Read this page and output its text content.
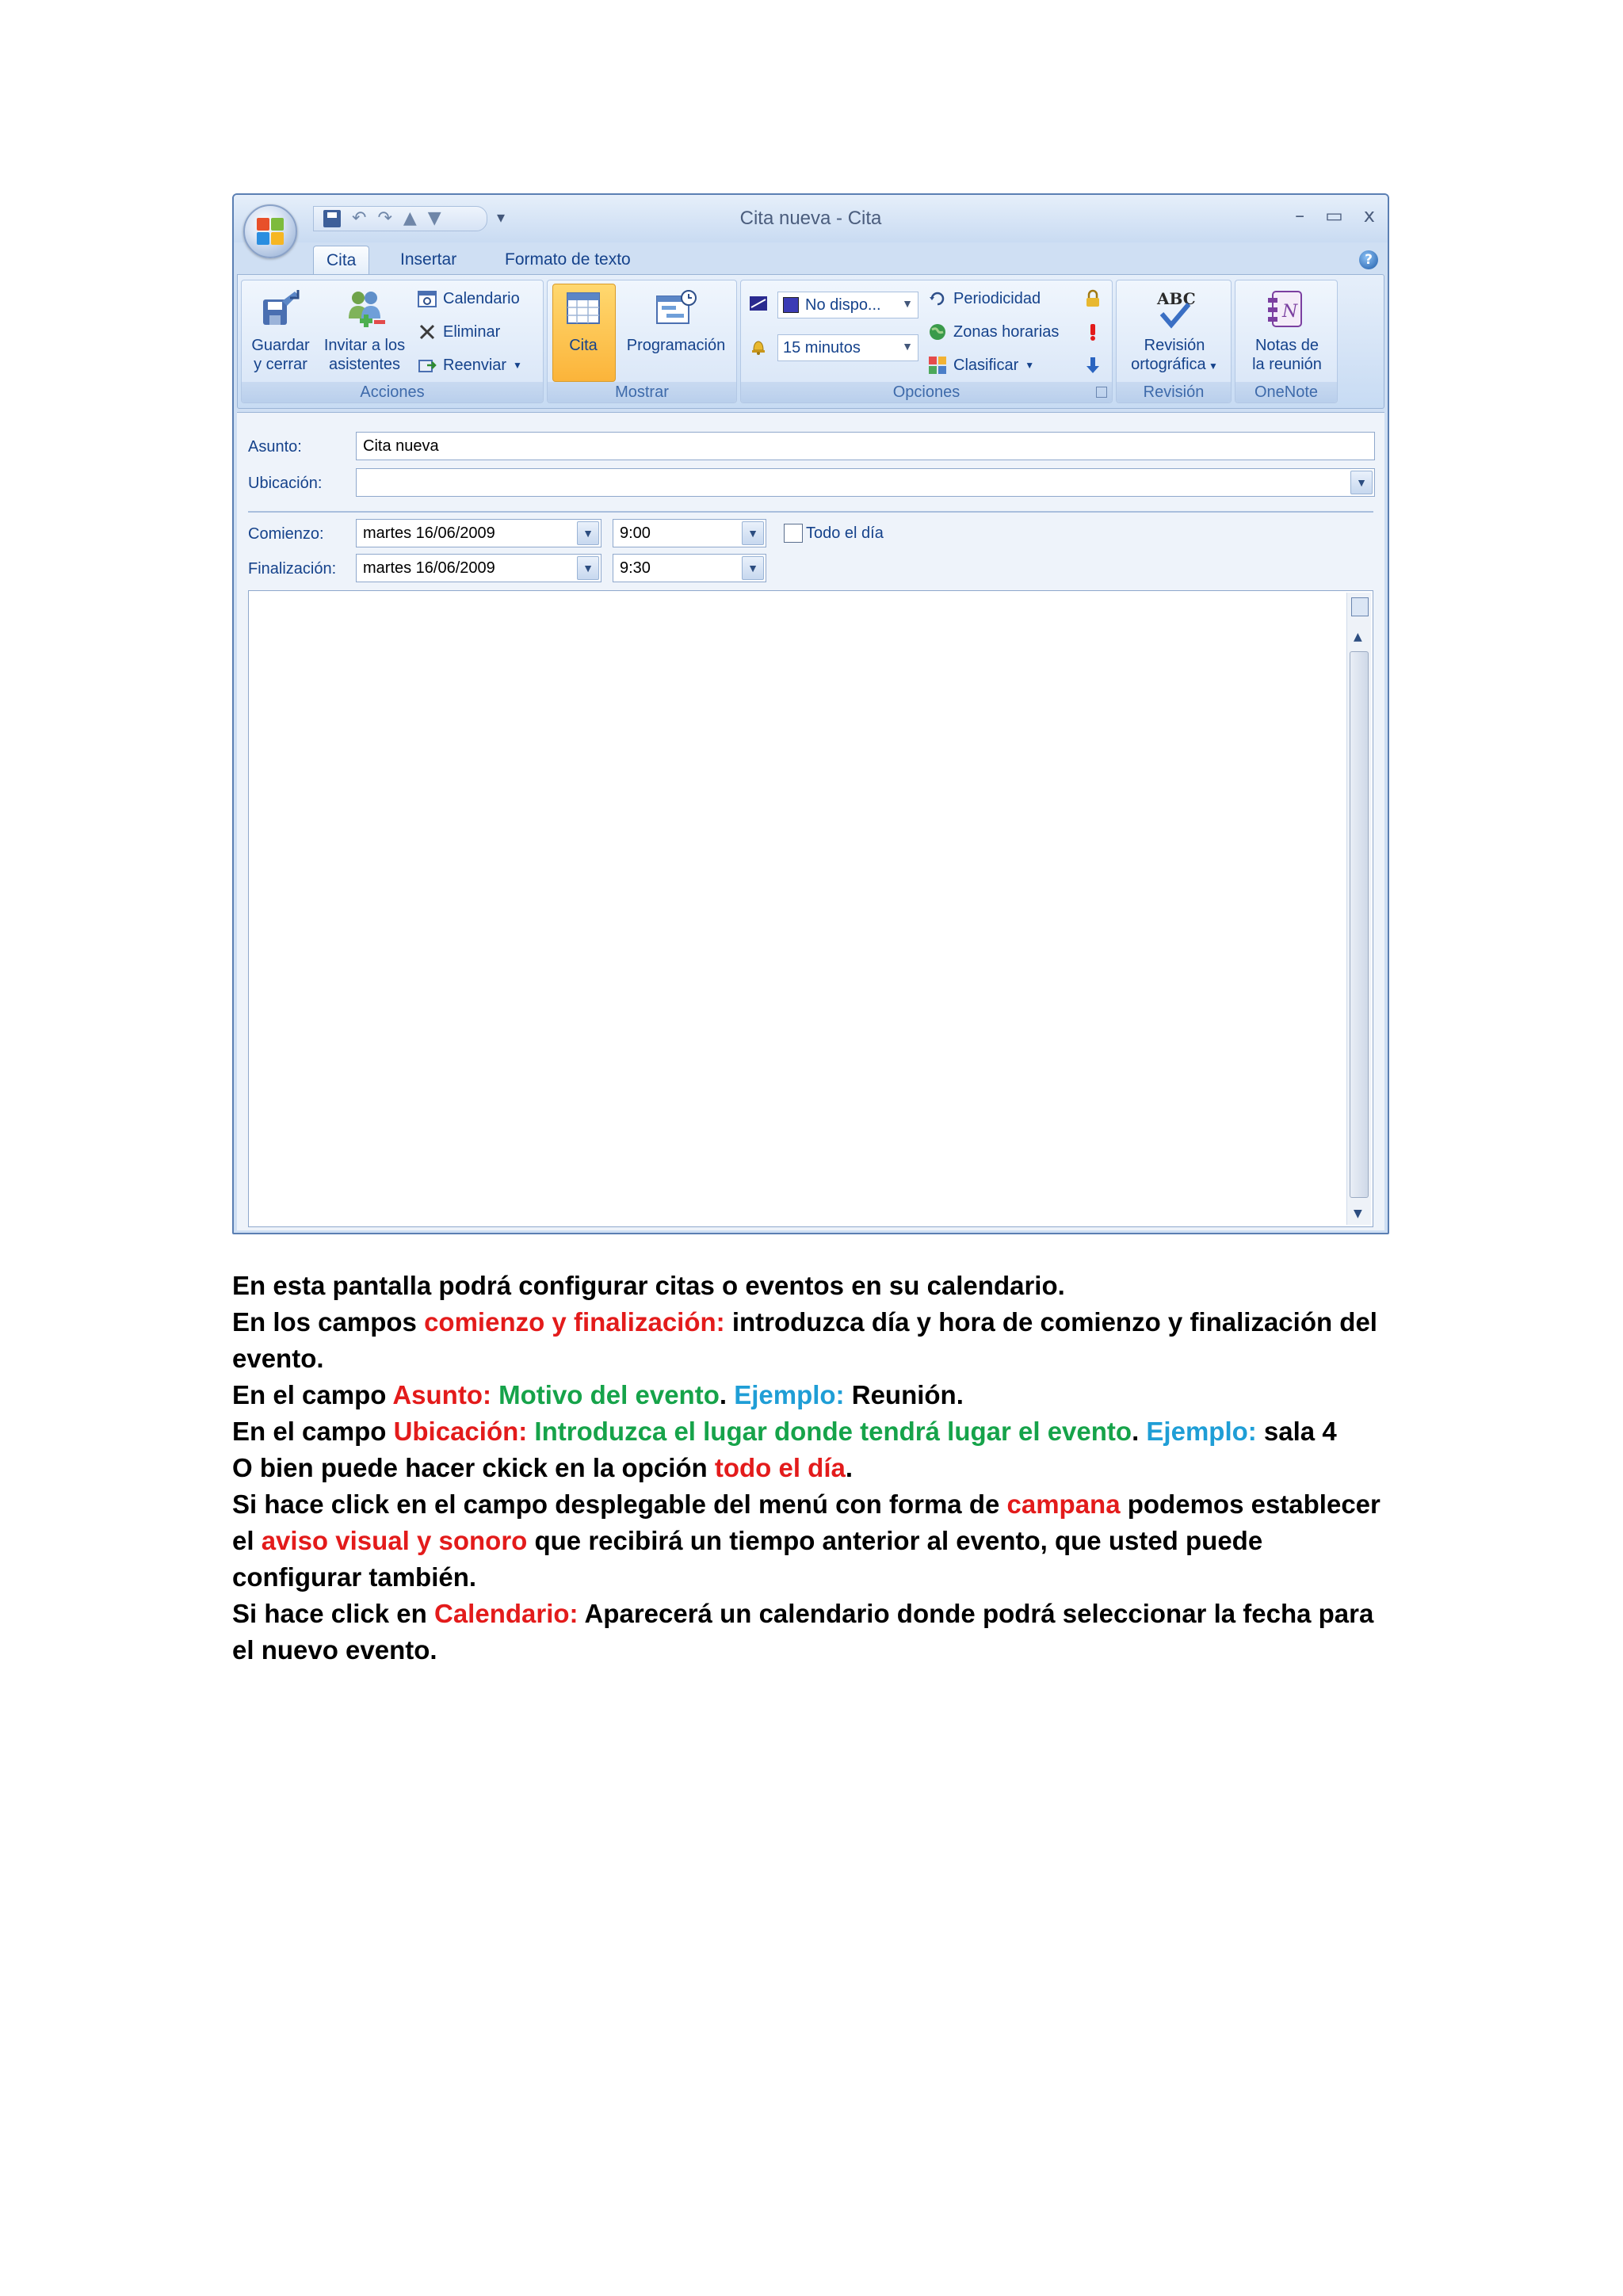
↶ ↷ ▲ ▼	▾	Cita nueva - Cita	– ▭ x
Cita	Insertar	Formato de texto	?
Guardar
y cerrar
Invitar a los
asistentes
Calendario
Eliminar
Reenviar ▼
Acciones
Cita	Programación
Mostrar
No dispo... ▼
15 minutos	▼
Periodicidad
Zonas horarias
Clasificar ▼
Opciones
ABC
Revisión
ortográfica ▼
Revisión
N
Notas de
la reunión
OneNote
Asunto:	Cita nueva
Ubicación:	▼
Comienzo:	martes 16/06/2009	▼	9:00	▼	Todo el día
Finalización:	martes 16/06/2009	▼	9:30	▼
▲
▼

En esta pantalla podrá configurar citas o eventos en su calendario.

En los campos comienzo y finalización: introduzca día y hora de comienzo y finalización del evento.

En el campo Asunto: Motivo del evento. Ejemplo: Reunión.

En el campo Ubicación: Introduzca el lugar donde tendrá lugar el evento. Ejemplo: sala 4

O bien puede hacer ckick en la opción todo el día.

Si hace click en el campo desplegable del menú con forma de campana podemos establecer el aviso visual y sonoro que recibirá un tiempo anterior al evento, que usted puede configurar también.

Si hace click en Calendario: Aparecerá un calendario donde podrá seleccionar la fecha para el nuevo evento.
